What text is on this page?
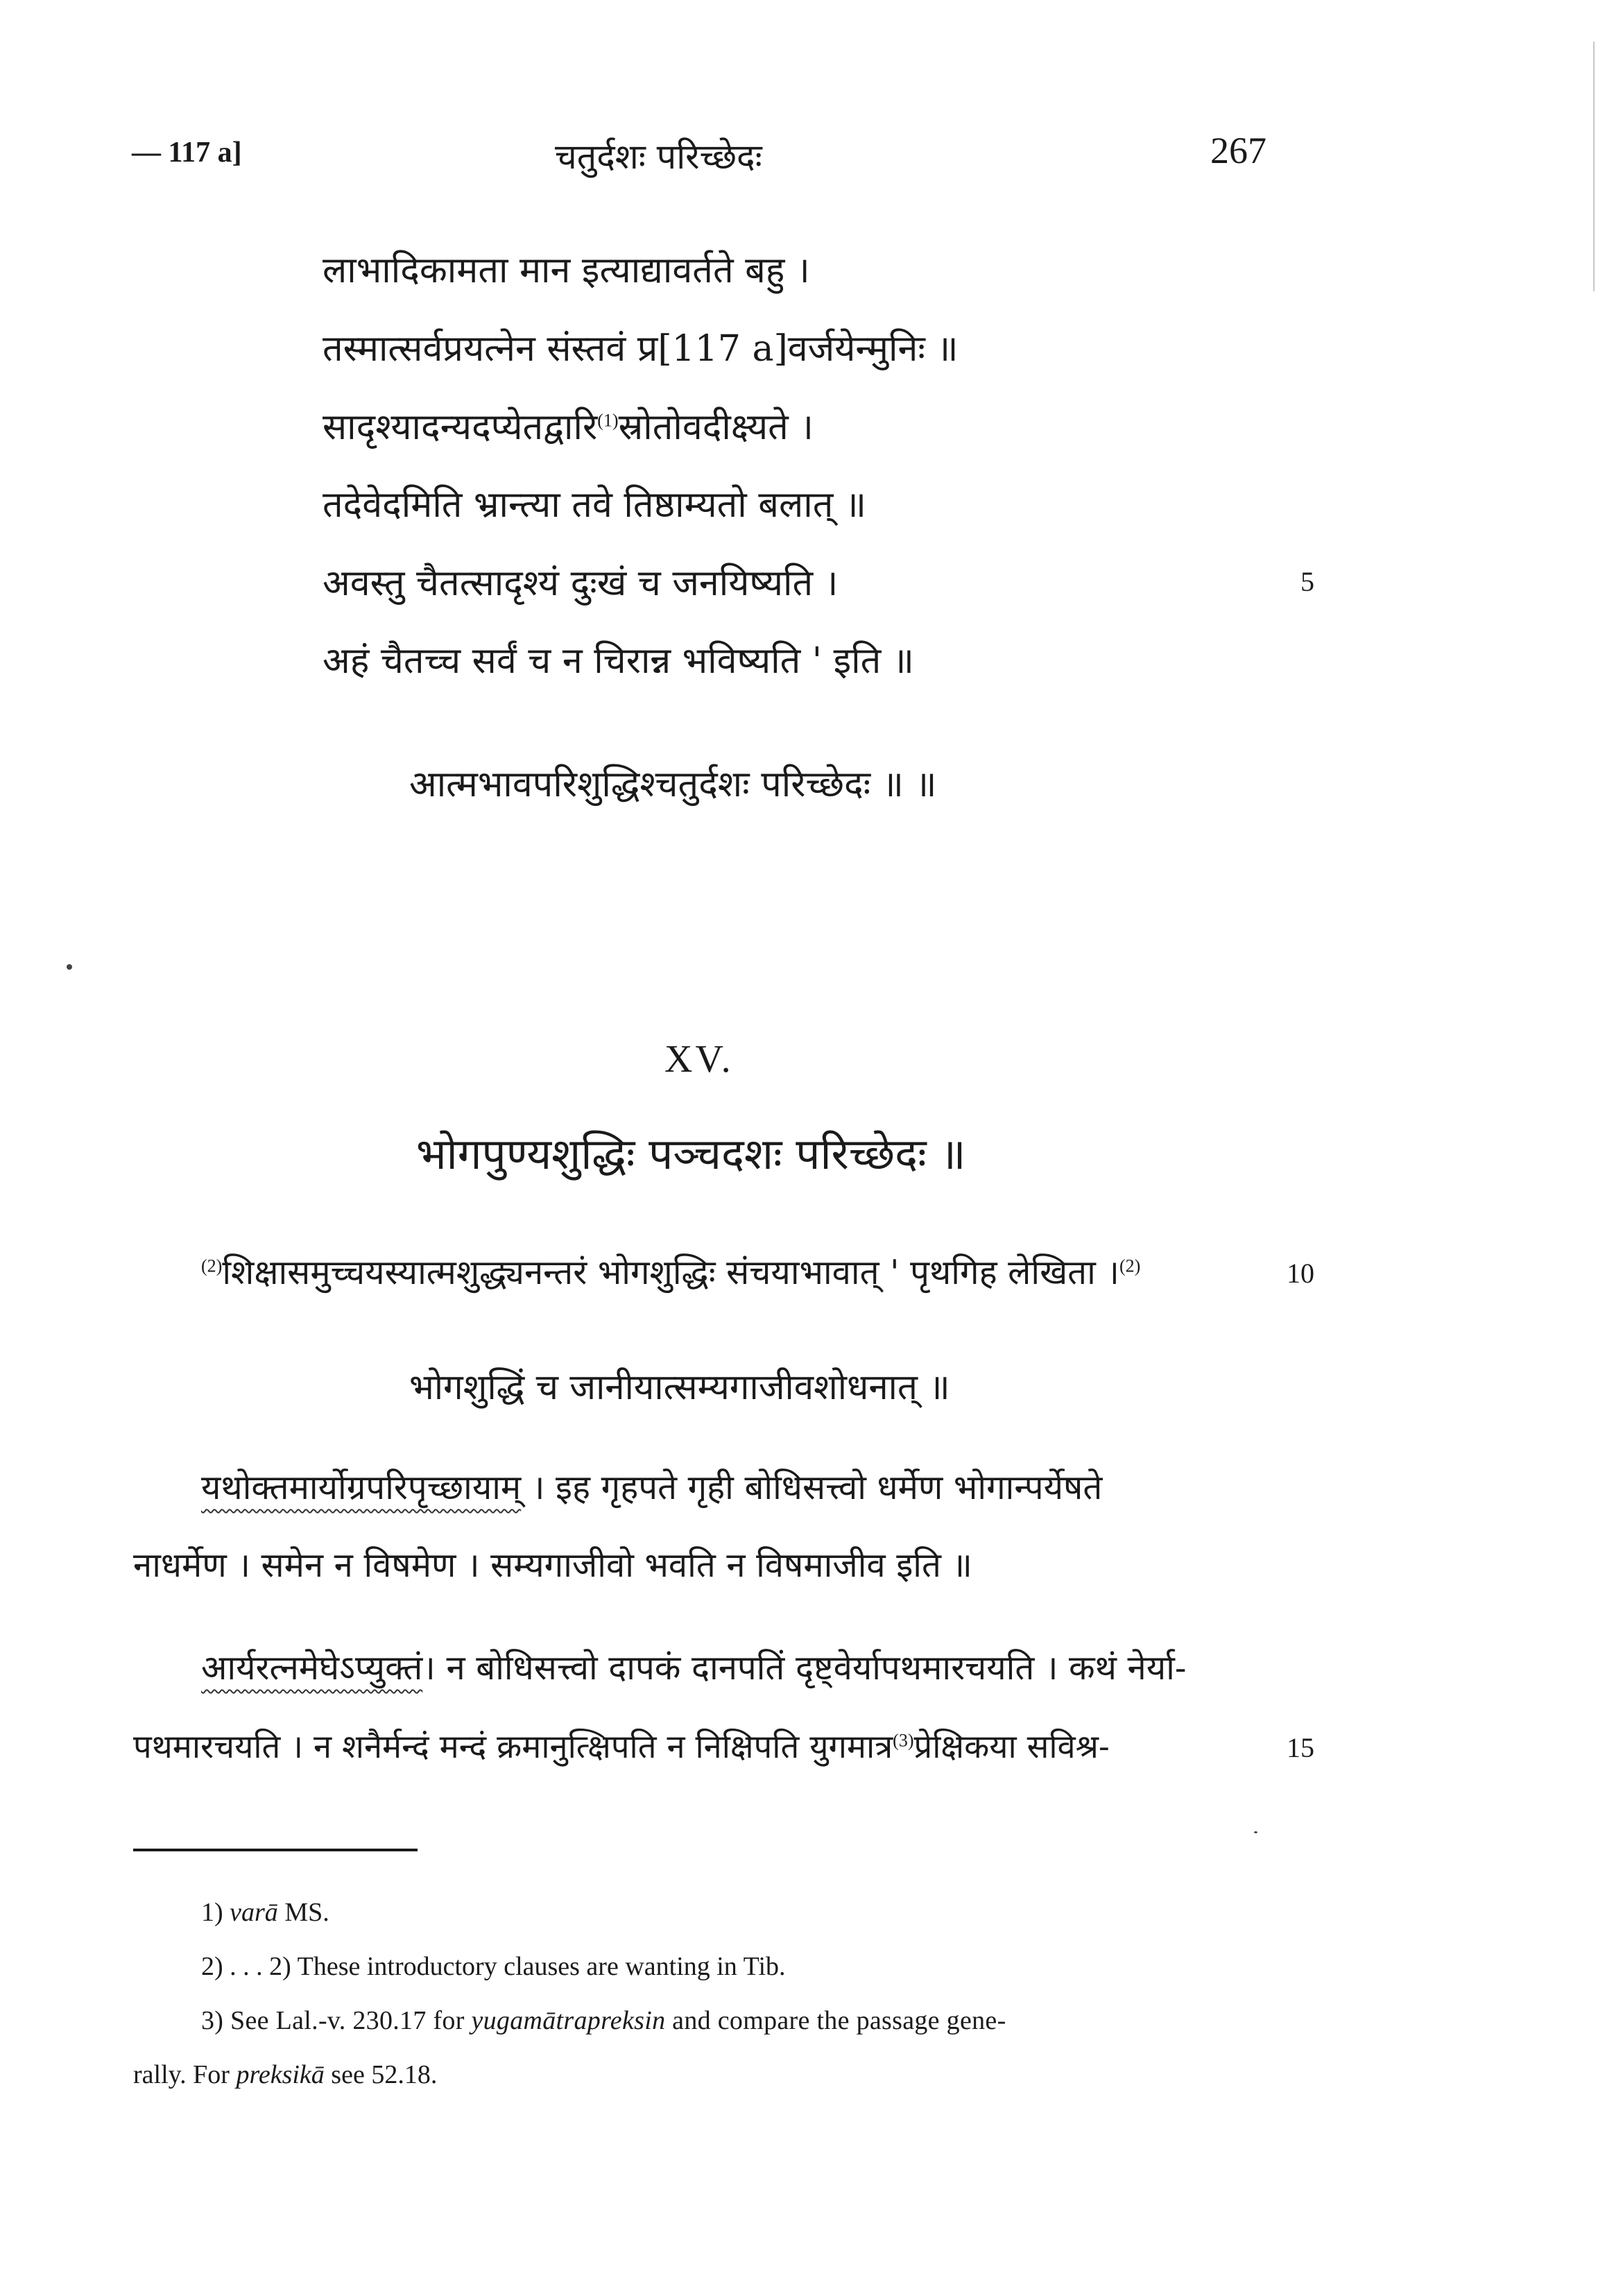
— 117 a]	चतुर्दशः परिच्छेदः	267
लाभादिकामता मान इत्याद्यावर्तते बहु ।
तस्मात्सर्वप्रयत्नेन संस्तवं प्र[117 a]वर्जयेन्मुनिः ॥
सादृश्यादन्यदप्येतद्वारि$^{(1)}$स्रोतोवदीक्ष्यते ।
तदेवेदमिति भ्रान्त्या तवे तिष्ठाम्यतो बलात् ॥
अवस्तु चैतत्सादृश्यं दुःखं च जनयिष्यति ।	5
अहं चैतच्च सर्वं च न चिरान्न भविष्यति ' इति ॥
आत्मभावपरिशुद्धिश्चतुर्दशः परिच्छेदः ॥ ॥
XV.
भोगपुण्यशुद्धिः पञ्चदशः परिच्छेदः ॥
$^{(2)}$शिक्षासमुच्चयस्यात्मशुद्ध्यनन्तरं भोगशुद्धिः संचयाभावात् ' पृथगिह लेखिता ।$^{(2)}$	10
भोगशुद्धिं च जानीयात्सम्यगाजीवशोधनात् ॥
यथोक्तमार्योग्रपरिपृच्छायाम् । इह गृहपते गृही बोधिसत्त्वो धर्मेण भोगान्पर्येषते
नाधर्मेण । समेन न विषमेण । सम्यगाजीवो भवति न विषमाजीव इति ॥
आर्यरत्नमेघेऽप्युक्तं। न बोधिसत्त्वो दापकं दानपतिं दृष्ट्वेर्यापथमारचयति । कथं नेर्या-
पथमारचयति । न शनैर्मन्दं मन्दं क्रमानुत्क्षिपति न निक्षिपति युगमात्र$^{(3)}$प्रेक्षिकया सविश्र-	15
1) varā MS.
2) . . . 2) These introductory clauses are wanting in Tib.
3) See Lal.-v. 230.17 for yugamātrapreksin and compare the passage gene-
rally. For preksikā see 52.18.
